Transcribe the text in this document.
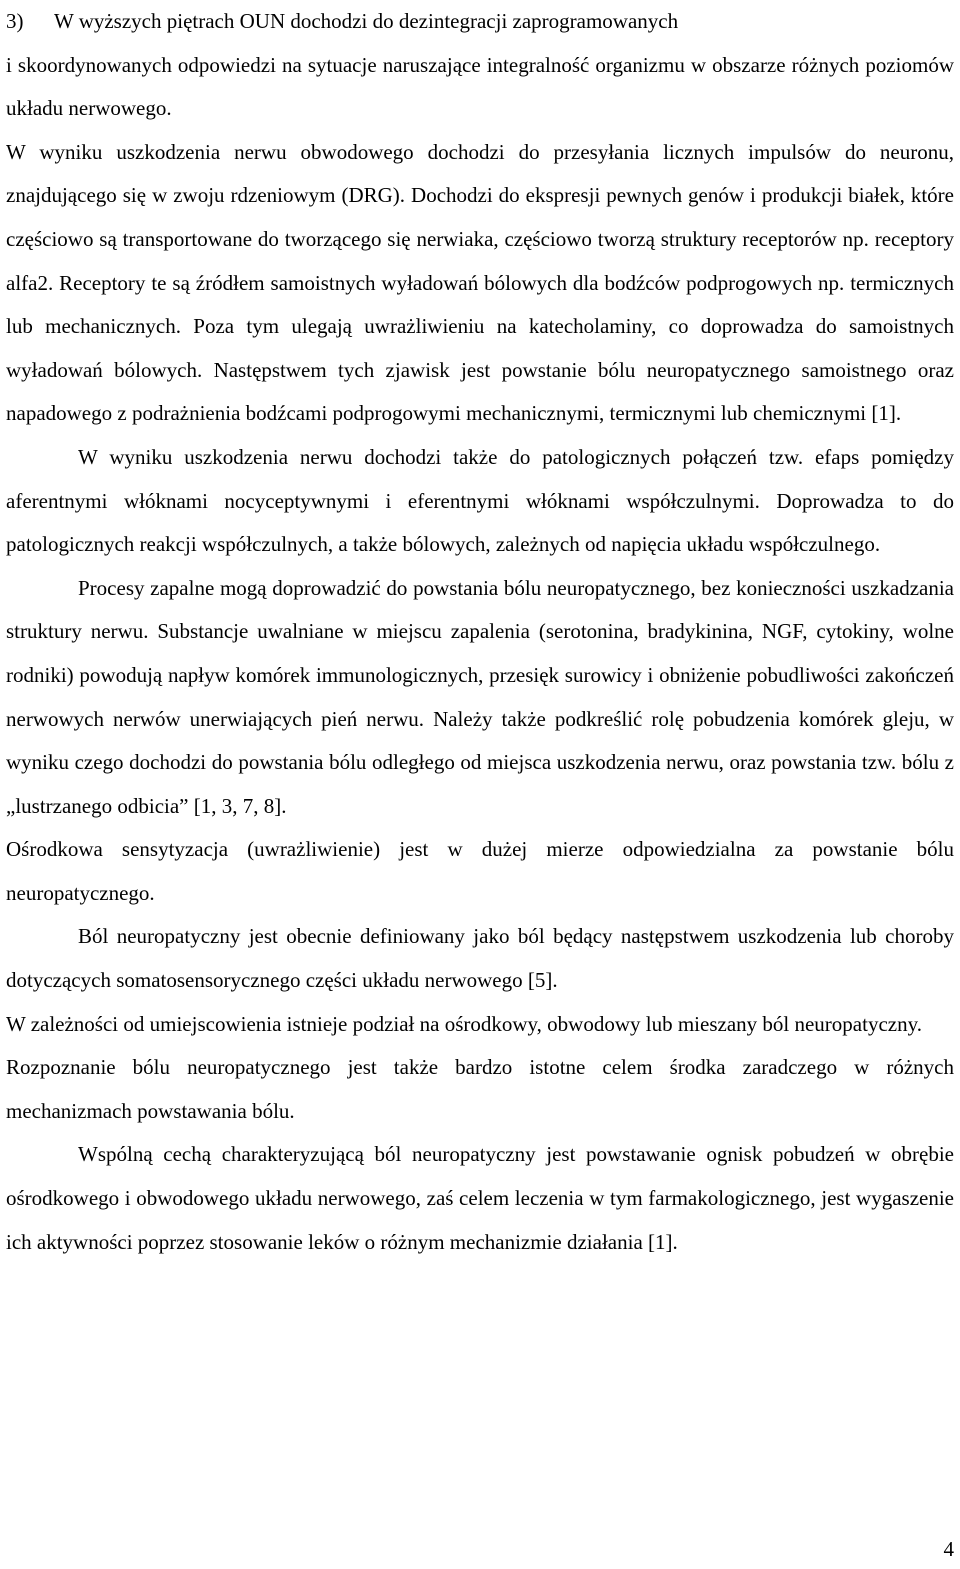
3)	W wyższych piętrach OUN dochodzi do dezintegracji zaprogramowanych

i skoordynowanych odpowiedzi na sytuacje naruszające integralność organizmu w obszarze różnych poziomów układu nerwowego.

W wyniku uszkodzenia nerwu obwodowego dochodzi do przesyłania licznych impulsów do neuronu, znajdującego się w zwoju rdzeniowym (DRG). Dochodzi do ekspresji pewnych genów i produkcji białek, które częściowo są transportowane do tworzącego się nerwiaka, częściowo tworzą struktury receptorów np. receptory alfa2. Receptory te są źródłem samoistnych wyładowań bólowych dla bodźców podprogowych np. termicznych lub mechanicznych. Poza tym ulegają uwrażliwieniu na katecholaminy, co doprowadza do samoistnych wyładowań bólowych. Następstwem tych zjawisk jest powstanie bólu neuropatycznego samoistnego oraz napadowego z podrażnienia bodźcami podprogowymi mechanicznymi, termicznymi lub chemicznymi [1].

W wyniku uszkodzenia nerwu dochodzi także do patologicznych połączeń tzw. efaps pomiędzy aferentnymi włóknami nocyceptywnymi i eferentnymi włóknami współczulnymi. Doprowadza to do patologicznych reakcji współczulnych, a także bólowych, zależnych od napięcia układu współczulnego.

Procesy zapalne mogą doprowadzić do powstania bólu neuropatycznego, bez konieczności uszkadzania struktury nerwu. Substancje uwalniane w miejscu zapalenia (serotonina, bradykinina, NGF, cytokiny, wolne rodniki) powodują napływ komórek immunologicznych, przesięk surowicy i obniżenie pobudliwości zakończeń nerwowych nerwów unerwiających pień nerwu. Należy także podkreślić rolę pobudzenia komórek gleju, w wyniku czego dochodzi do powstania bólu odległego od miejsca uszkodzenia nerwu, oraz powstania tzw. bólu z „lustrzanego odbicia” [1, 3, 7, 8].

Ośrodkowa sensytyzacja (uwrażliwienie) jest w dużej mierze odpowiedzialna za powstanie bólu neuropatycznego.

Ból neuropatyczny jest obecnie definiowany jako ból będący następstwem uszkodzenia lub choroby dotyczących somatosensorycznego części układu nerwowego [5].

W zależności od umiejscowienia istnieje podział na ośrodkowy, obwodowy lub mieszany ból neuropatyczny.

Rozpoznanie bólu neuropatycznego jest także bardzo istotne celem środka zaradczego w różnych mechanizmach powstawania bólu.

Wspólną cechą charakteryzującą ból neuropatyczny jest powstawanie ognisk pobudzeń w obrębie ośrodkowego i obwodowego układu nerwowego, zaś celem leczenia w tym farmakologicznego, jest wygaszenie ich aktywności poprzez stosowanie leków o różnym mechanizmie działania [1].

4
